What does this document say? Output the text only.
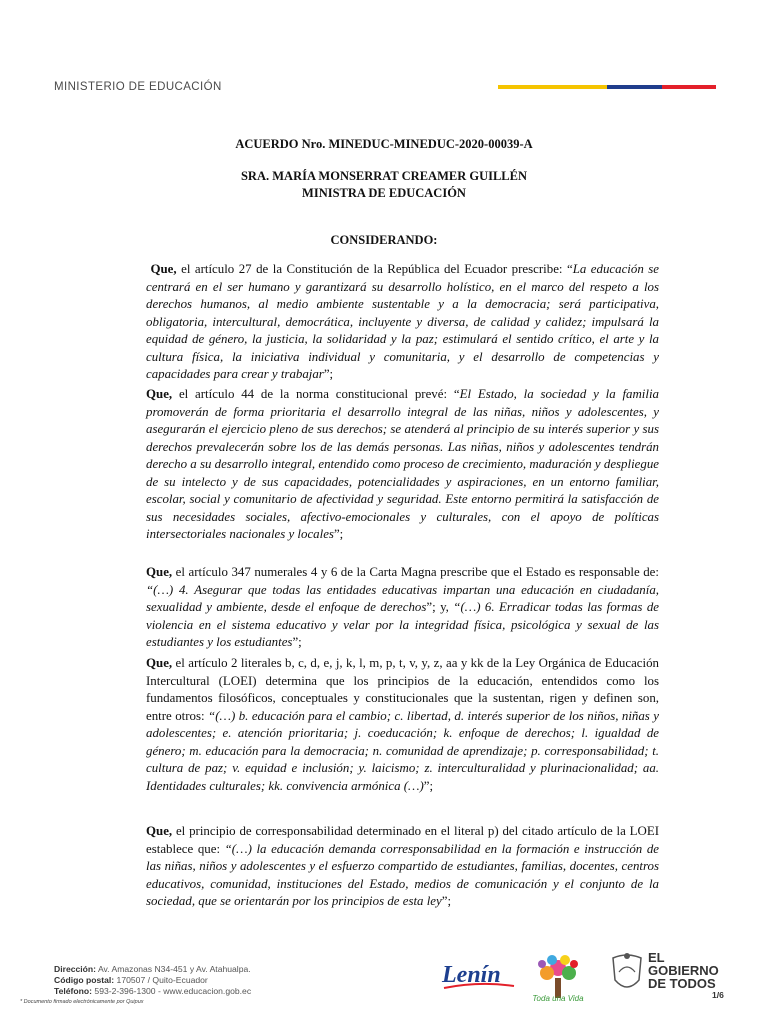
MINISTERIO DE EDUCACIÓN
ACUERDO Nro. MINEDUC-MINEDUC-2020-00039-A
SRA. MARÍA MONSERRAT CREAMER GUILLÉN
MINISTRA DE EDUCACIÓN
CONSIDERANDO:
Que, el artículo 27 de la Constitución de la República del Ecuador prescribe: “La educación se centrará en el ser humano y garantizará su desarrollo holístico, en el marco del respeto a los derechos humanos, al medio ambiente sustentable y a la democracia; será participativa, obligatoria, intercultural, democrática, incluyente y diversa, de calidad y calidez; impulsará la equidad de género, la justicia, la solidaridad y la paz; estimulará el sentido crítico, el arte y la cultura física, la iniciativa individual y comunitaria, y el desarrollo de competencias y capacidades para crear y trabajar”;
Que, el artículo 44 de la norma constitucional prevé: “El Estado, la sociedad y la familia promoverán de forma prioritaria el desarrollo integral de las niñas, niños y adolescentes, y asegurarán el ejercicio pleno de sus derechos; se atenderá al principio de su interés superior y sus derechos prevalecerán sobre los de las demás personas. Las niñas, niños y adolescentes tendrán derecho a su desarrollo integral, entendido como proceso de crecimiento, maduración y despliegue de su intelecto y de sus capacidades, potencialidades y aspiraciones, en un entorno familiar, escolar, social y comunitario de afectividad y seguridad. Este entorno permitirá la satisfacción de sus necesidades sociales, afectivo-emocionales y culturales, con el apoyo de políticas intersectoriales nacionales y locales”;
Que, el artículo 347 numerales 4 y 6 de la Carta Magna prescribe que el Estado es responsable de: “(…) 4. Asegurar que todas las entidades educativas impartan una educación en ciudadanía, sexualidad y ambiente, desde el enfoque de derechos”; y, “(…) 6. Erradicar todas las formas de violencia en el sistema educativo y velar por la integridad física, psicológica y sexual de las estudiantes y los estudiantes”;
Que, el artículo 2 literales b, c, d, e, j, k, l, m, p, t, v, y, z, aa y kk de la Ley Orgánica de Educación Intercultural (LOEI) determina que los principios de la educación, entendidos como los fundamentos filosóficos, conceptuales y constitucionales que la sustentan, rigen y definen son, entre otros: “(…) b. educación para el cambio; c. libertad, d. interés superior de los niños, niñas y adolescentes; e. atención prioritaria; j. coeducación; k. enfoque de derechos; l. igualdad de género; m. educación para la democracia; n. comunidad de aprendizaje; p. corresponsabilidad; t. cultura de paz; v. equidad e inclusión; y. laicismo; z. interculturalidad y plurinacionalidad; aa. Identidades culturales; kk. convivencia armónica (…)”;
Que, el principio de corresponsabilidad determinado en el literal p) del citado artículo de la LOEI establece que: “(…) la educación demanda corresponsabilidad en la formación e instrucción de las niñas, niños y adolescentes y el esfuerzo compartido de estudiantes, familias, docentes, centros educativos, comunidad, instituciones del Estado, medios de comunicación y el conjunto de la sociedad, que se orientarán por los principios de esta ley”;
Dirección: Av. Amazonas N34-451 y Av. Atahualpa.
Código postal: 170507 / Quito-Ecuador
Teléfono: 593-2-396-1300 - www.educacion.gob.ec
* Documento firmado electrónicamente por Quipux
Lenín
Toda una Vida
EL
GOBIERNO
DE TODOS
1/6
